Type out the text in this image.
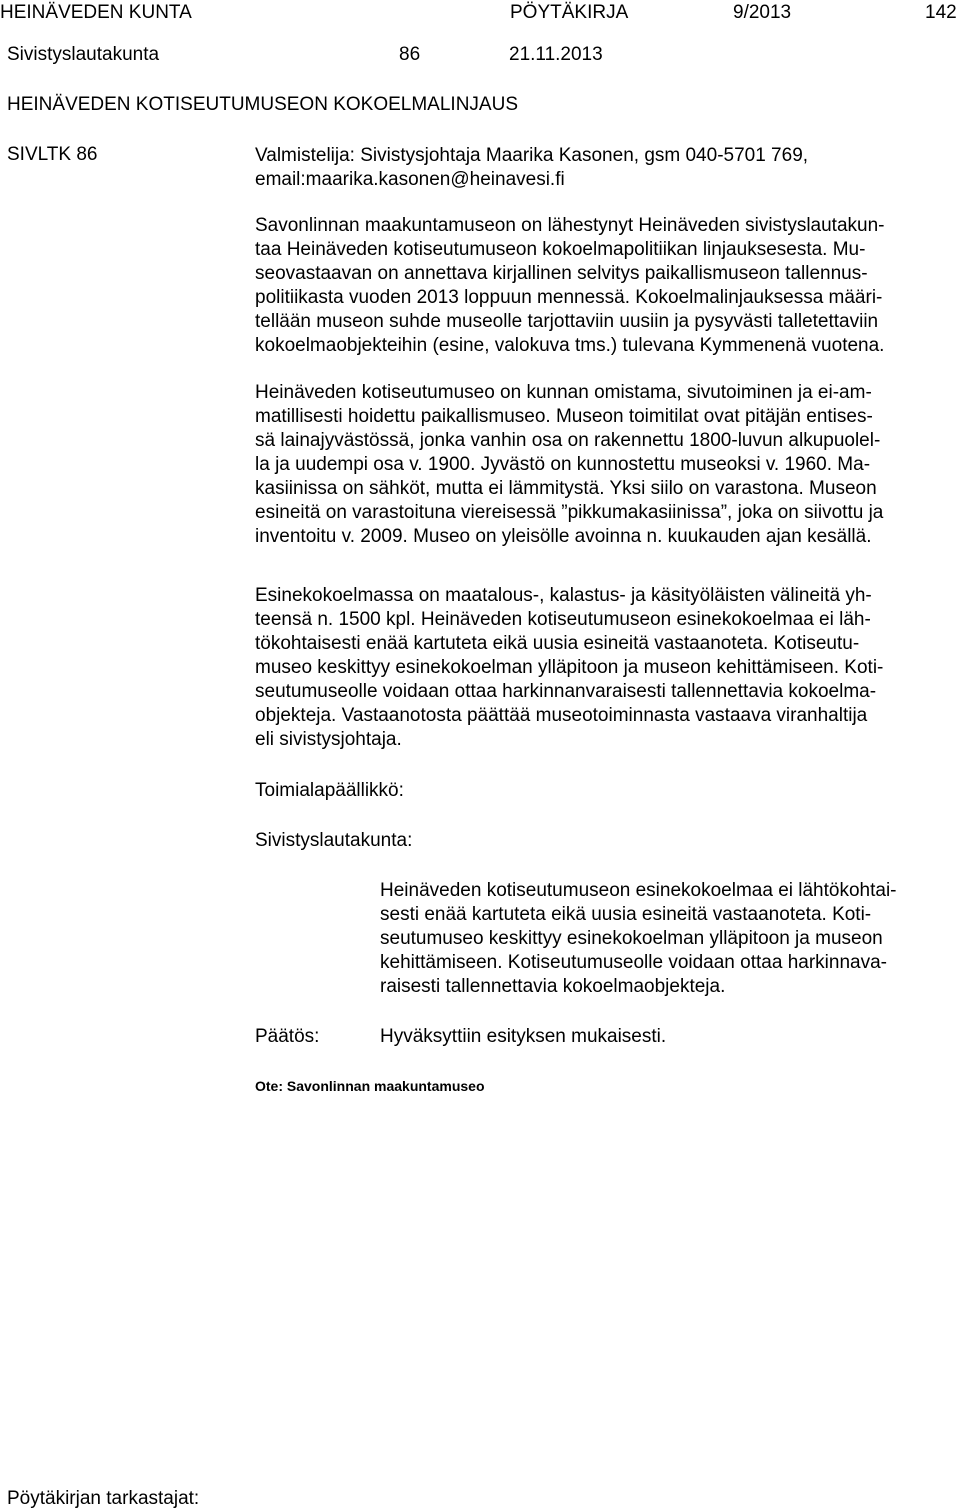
HEINÄVEDEN KUNTA	PÖYTÄKIRJA	9/2013	142
Sivistyslautakunta	86	21.11.2013
HEINÄVEDEN KOTISEUTUMUSEON KOKOELMALINJAUS
SIVLTK 86	Valmistelija: Sivistysjohtaja Maarika Kasonen, gsm 040-5701 769,
email:maarika.kasonen@heinavesi.fi
Savonlinnan maakuntamuseon on lähestynyt Heinäveden sivistyslautakun-
taa Heinäveden kotiseutumuseon kokoelmapolitiikan linjauksesesta. Mu-
seovastaavan on annettava kirjallinen selvitys paikallismuseon tallennus-
politiikasta vuoden 2013 loppuun mennessä. Kokoelmalinjauksessa määri-
tellään museon suhde museolle tarjottaviin uusiin ja pysyvästi talletettaviin
kokoelmaobjekteihin (esine, valokuva tms.) tulevana Kymmenenä vuotena.
Heinäveden kotiseutumuseo on kunnan omistama, sivutoiminen ja ei-am-
matillisesti hoidettu paikallismuseo. Museon toimitilat ovat pitäjän entises-
sä lainajyvästössä, jonka vanhin osa on rakennettu 1800-luvun alkupuolel-
la ja uudempi osa v. 1900. Jyvästö on kunnostettu museoksi v. 1960. Ma-
kasiinissa on sähköt, mutta ei lämmitystä. Yksi siilo on varastona. Museon
esineitä on varastoituna viereisessä ”pikkumakasiinissa”, joka on siivottu ja
inventoitu v. 2009. Museo on yleisölle avoinna n. kuukauden ajan kesällä.
Esinekokoelmassa on maatalous-, kalastus- ja käsityöläisten välineitä yh-
teensä n. 1500 kpl. Heinäveden kotiseutumuseon esinekokoelmaa ei läh-
tökohtaisesti enää kartuteta eikä uusia esineitä vastaanoteta. Kotiseutu-
museo keskittyy esinekokoelman ylläpitoon ja museon kehittämiseen. Koti-
seutumuseolle voidaan ottaa harkinnanvaraisesti tallennettavia kokoelma-
objekteja. Vastaanotosta päättää museotoiminnasta vastaava viranhaltija
eli sivistysjohtaja.
Toimialapäällikkö:
Sivistyslautakunta:
Heinäveden kotiseutumuseon esinekokoelmaa ei lähtökohtai-
sesti enää kartuteta eikä uusia esineitä vastaanoteta. Koti-
seutumuseo keskittyy esinekokoelman ylläpitoon ja museon
kehittämiseen. Kotiseutumuseolle voidaan ottaa harkinnava-
raisesti tallennettavia kokoelmaobjekteja.
Päätös:	Hyväksyttiin esityksen mukaisesti.
Ote: Savonlinnan maakuntamuseo
Pöytäkirjan tarkastajat:
